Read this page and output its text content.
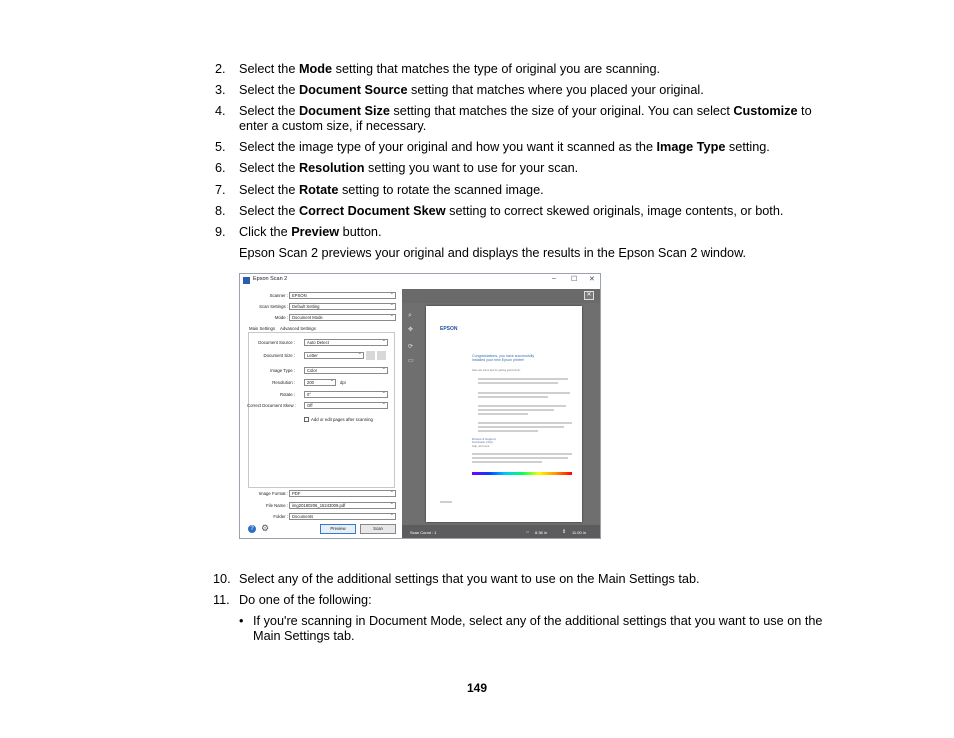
2. Select the Mode setting that matches the type of original you are scanning.
3. Select the Document Source setting that matches where you placed your original.
4. Select the Document Size setting that matches the size of your original. You can select Customize to enter a custom size, if necessary.
5. Select the image type of your original and how you want it scanned as the Image Type setting.
6. Select the Resolution setting you want to use for your scan.
7. Select the Rotate setting to rotate the scanned image.
8. Select the Correct Document Skew setting to correct skewed originals, image contents, or both.
9. Click the Preview button.
Epson Scan 2 previews your original and displays the results in the Epson Scan 2 window.
Epson Scan 2	– ☐ ✕
Scanner : EPSON ⌄
Scan Settings : Default Setting ⌄
Mode : Document Mode ⌄
Main Settings Advanced Settings
Document Source :	Auto Detect ⌄
Document Size :	Letter ⌄
Image Type :	Color ⌄
Resolution :	200 ⌄	dpi
Rotate :	0° ⌄
Correct Document Skew :	Off ⌄
Add or edit pages after scanning
Image Format : PDF ⌄
File Name : img20180206_15243009.pdf ⌄
Folder : Documents ⌄
? ⚙	Preview	Scan
✕
EPSON
Congratulations, you have successfully
installed your new Epson printer!
Here are some tips for getting good prints:
Drivers & Support
Downloads, FAQs,
help, and more
Scan Count : 1	⇔ 8.36 in	⇕ 11.00 in
⌕
✥
⟳
▭
10. Select any of the additional settings that you want to use on the Main Settings tab.
11. Do one of the following:
• If you're scanning in Document Mode, select any of the additional settings that you want to use on the Main Settings tab.
149
